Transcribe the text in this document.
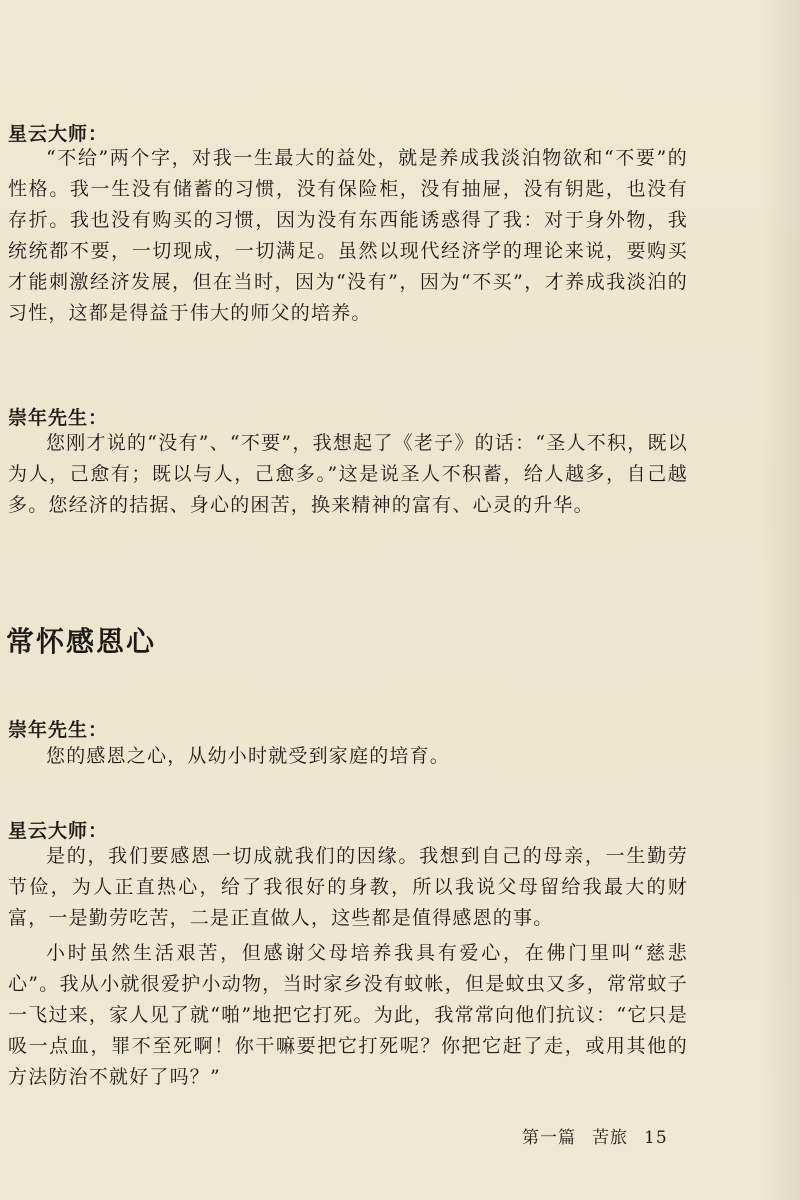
星云大师：

“不给”两个字，对我一生最大的益处，就是养成我淡泊物欲和“不要”的性格。我一生没有储蓄的习惯，没有保险柜，没有抽屉，没有钥匙，也没有存折。我也没有购买的习惯，因为没有东西能诱惑得了我：对于身外物，我统统都不要，一切现成，一切满足。虽然以现代经济学的理论来说，要购买才能刺激经济发展，但在当时，因为“没有”，因为“不买”，才养成我淡泊的习性，这都是得益于伟大的师父的培养。

崇年先生：

您刚才说的“没有”、“不要”，我想起了《老子》的话：“圣人不积，既以为人，己愈有；既以与人，己愈多。”这是说圣人不积蓄，给人越多，自己越多。您经济的拮据、身心的困苦，换来精神的富有、心灵的升华。

常怀感恩心
崇年先生：

您的感恩之心，从幼小时就受到家庭的培育。

星云大师：

是的，我们要感恩一切成就我们的因缘。我想到自己的母亲，一生勤劳节俭，为人正直热心，给了我很好的身教，所以我说父母留给我最大的财富，一是勤劳吃苦，二是正直做人，这些都是值得感恩的事。

小时虽然生活艰苦，但感谢父母培养我具有爱心，在佛门里叫“慈悲心”。我从小就很爱护小动物，当时家乡没有蚊帐，但是蚊虫又多，常常蚊子一飞过来，家人见了就“啪”地把它打死。为此，我常常向他们抗议：“它只是吸一点血，罪不至死啊！你干嘛要把它打死呢？你把它赶了走，或用其他的方法防治不就好了吗？”

第一篇 苦旅 15
